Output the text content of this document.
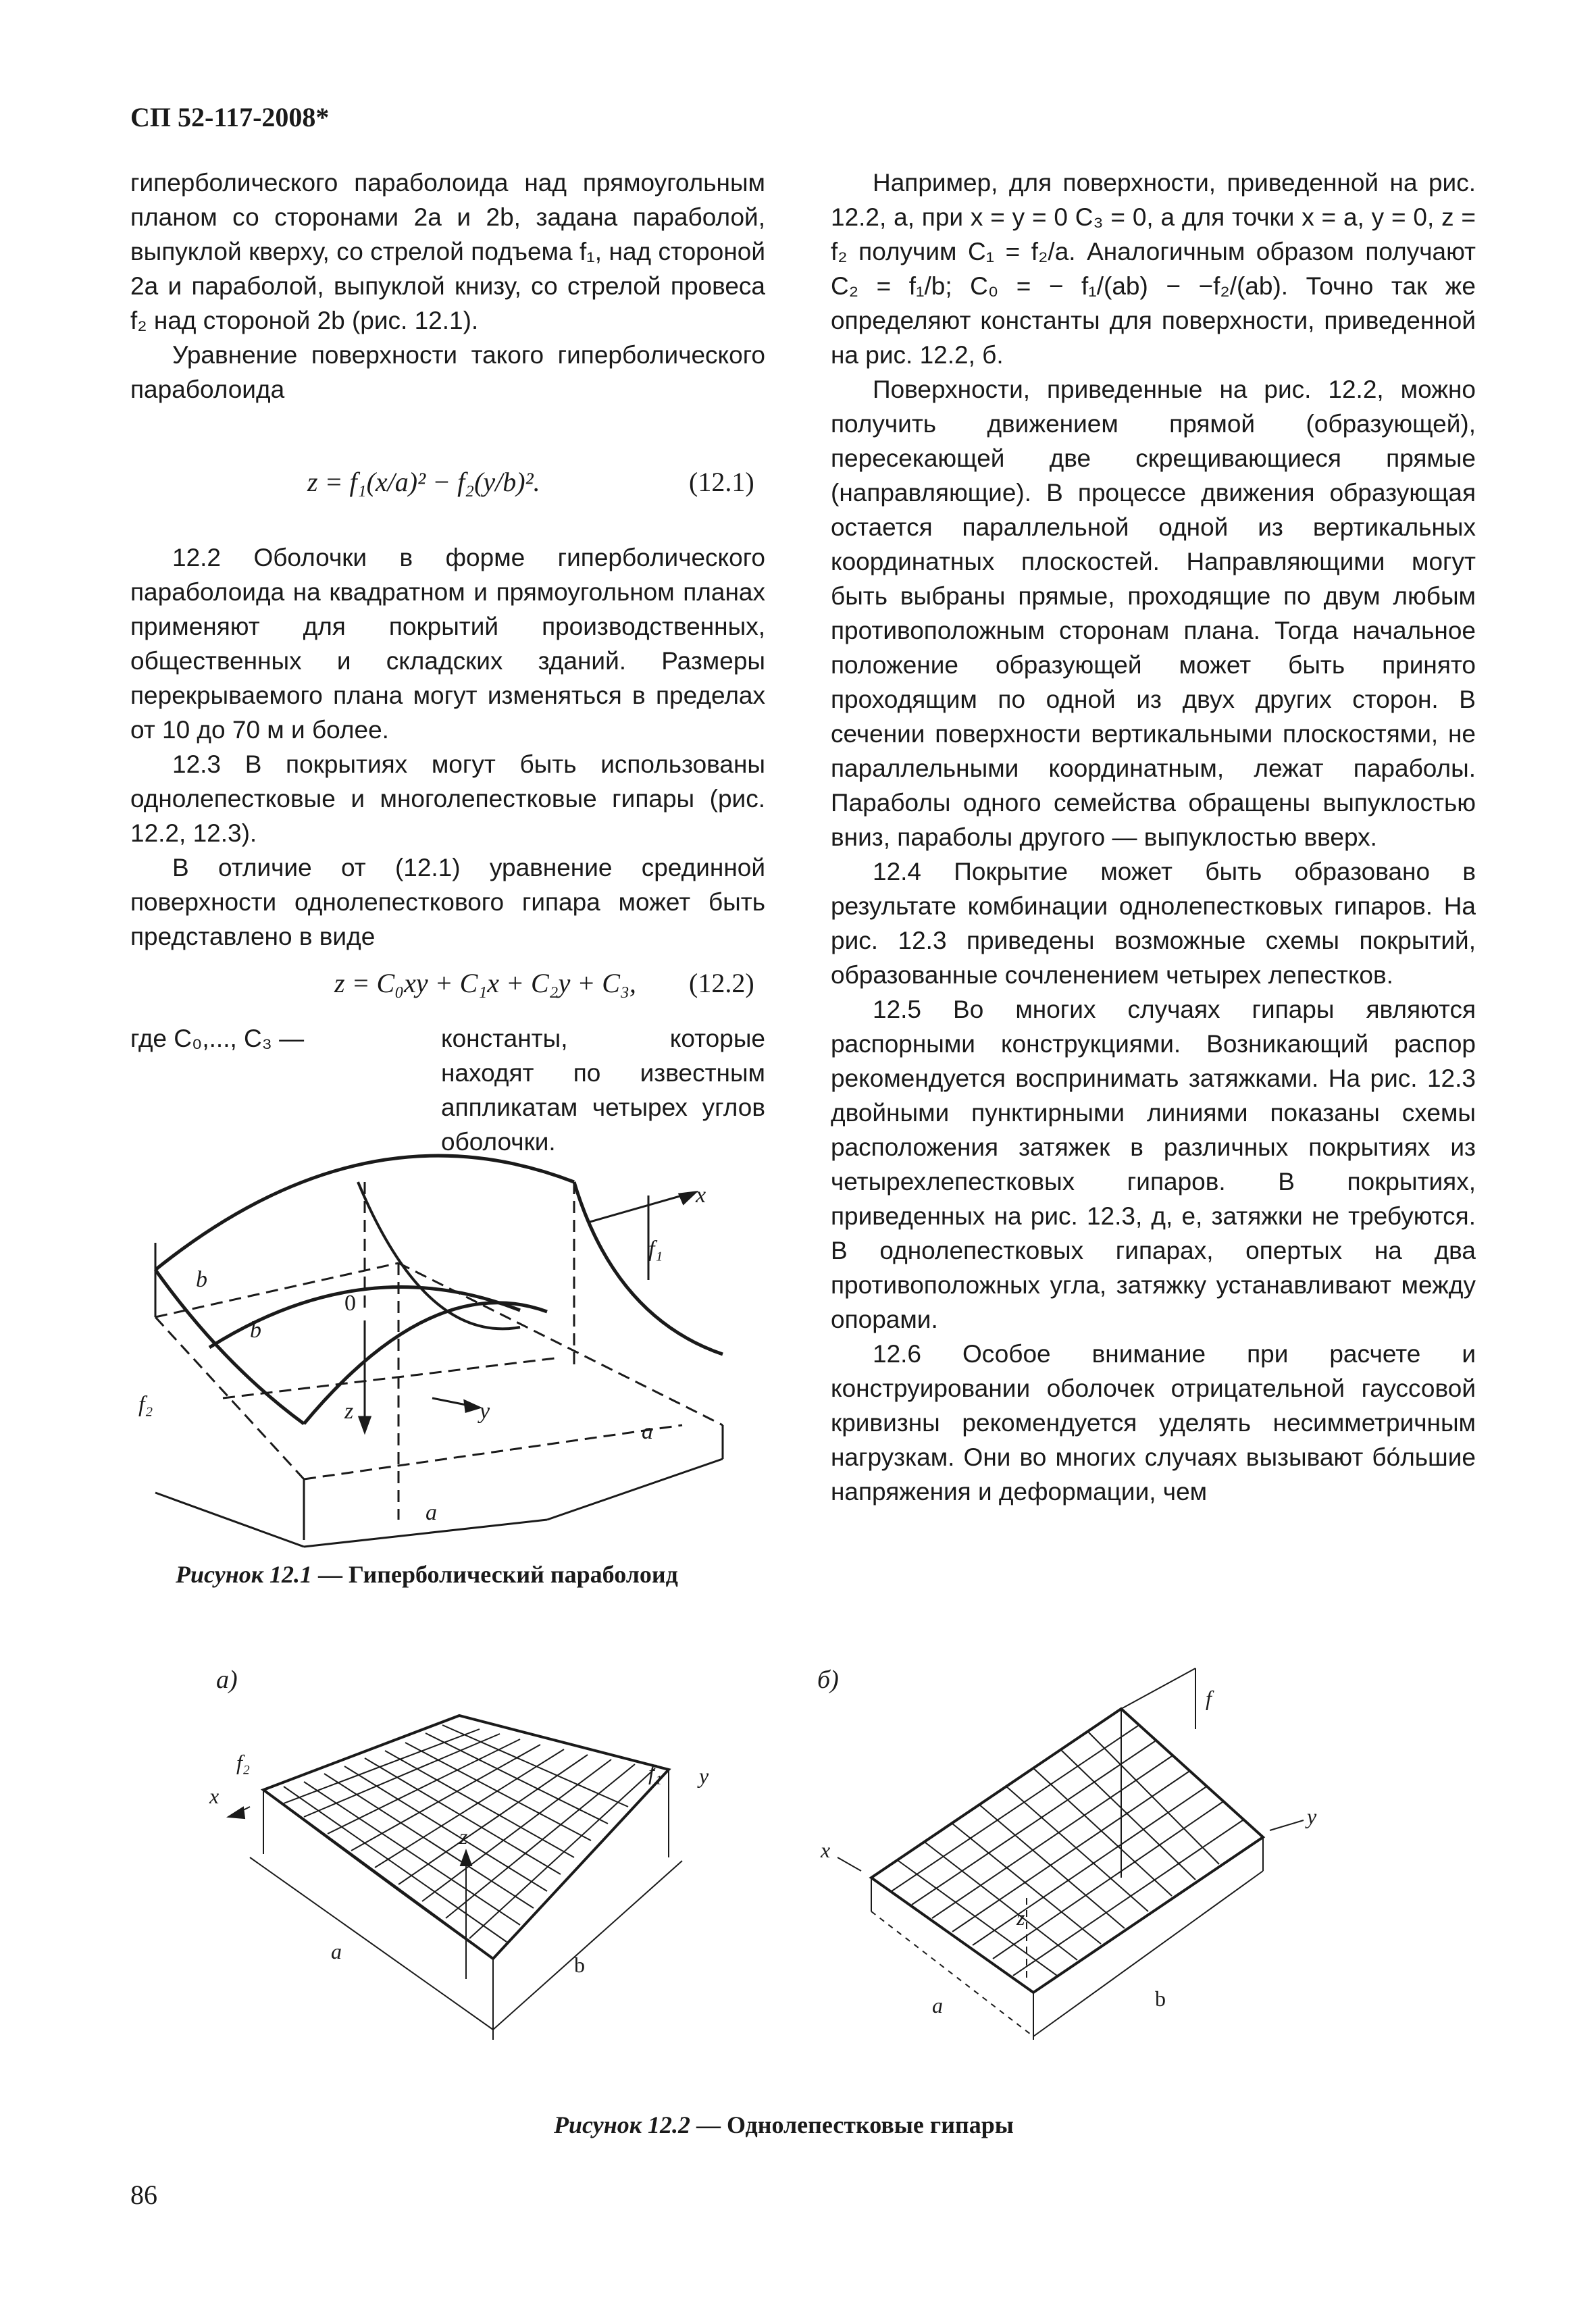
СП 52-117-2008*

гиперболического параболоида над прямоугольным планом со сторонами 2a и 2b, задана параболой, выпуклой кверху, со стрелой подъема f₁, над стороной 2a и параболой, выпуклой книзу, со стрелой провеса f₂ над стороной 2b (рис. 12.1).

Уравнение поверхности такого гиперболического параболоида

z = f₁(x/a)² − f₂(y/b)².	(12.1)

12.2 Оболочки в форме гиперболического параболоида на квадратном и прямоугольном планах применяют для покрытий производственных, общественных и складских зданий. Размеры перекрываемого плана могут изменяться в пределах от 10 до 70 м и более.

12.3 В покрытиях могут быть использованы однолепестковые и многолепестковые гипары (рис. 12.2, 12.3).

В отличие от (12.1) уравнение срединной поверхности однолепесткового гипара может быть представлено в виде

z = C₀xy + C₁x + C₂y + C₃, (12.2)
где C₀,..., C₃ —	константы, которые находят по известным аппликатам четырех углов оболочки.
x
y
z
0
f₁
f₂
a
a
b
b
Рисунок 12.1 — Гиперболический параболоид

Например, для поверхности, приведенной на рис. 12.2, а, при x = y = 0 C₃ = 0, а для точки x = a, y = 0, z = f₂ получим C₁ = f₂/a. Аналогичным образом получают C₂ = f₁/b; C₀ = − f₁/(ab) − −f₂/(ab). Точно так же определяют константы для поверхности, приведенной на рис. 12.2, б.

Поверхности, приведенные на рис. 12.2, можно получить движением прямой (образующей), пересекающей две скрещивающиеся прямые (направляющие). В процессе движения образующая остается параллельной одной из вертикальных координатных плоскостей. Направляющими могут быть выбраны прямые, проходящие по двум любым противоположным сторонам плана. Тогда начальное положение образующей может быть принято проходящим по одной из двух других сторон. В сечении поверхности вертикальными плоскостями, не параллельными координатным, лежат параболы. Параболы одного семейства обращены выпуклостью вниз, параболы другого — выпуклостью вверх.

12.4 Покрытие может быть образовано в результате комбинации однолепестковых гипаров. На рис. 12.3 приведены возможные схемы покрытий, образованные сочленением четырех лепестков.

12.5 Во многих случаях гипары являются распорными конструкциями. Возникающий распор рекомендуется воспринимать затяжками. На рис. 12.3 двойными пунктирными линиями показаны схемы расположения затяжек в различных покрытиях из четырехлепестковых гипаров. В покрытиях, приведенных на рис. 12.3, д, е, затяжки не требуются. В однолепестковых гипарах, опертых на два противоположных угла, затяжку устанавливают между опорами.

12.6 Особое внимание при расчете и конструировании оболочек отрицательной гауссовой кривизны рекомендуется уделять несимметричным нагрузкам. Они во многих случаях вызывают бо́льшие напряжения и деформации, чем

а)	б)
x
f₂	f₁ y
z
a
b
f
x
y
z
a	b
Рисунок 12.2 — Однолепестковые гипары
86
